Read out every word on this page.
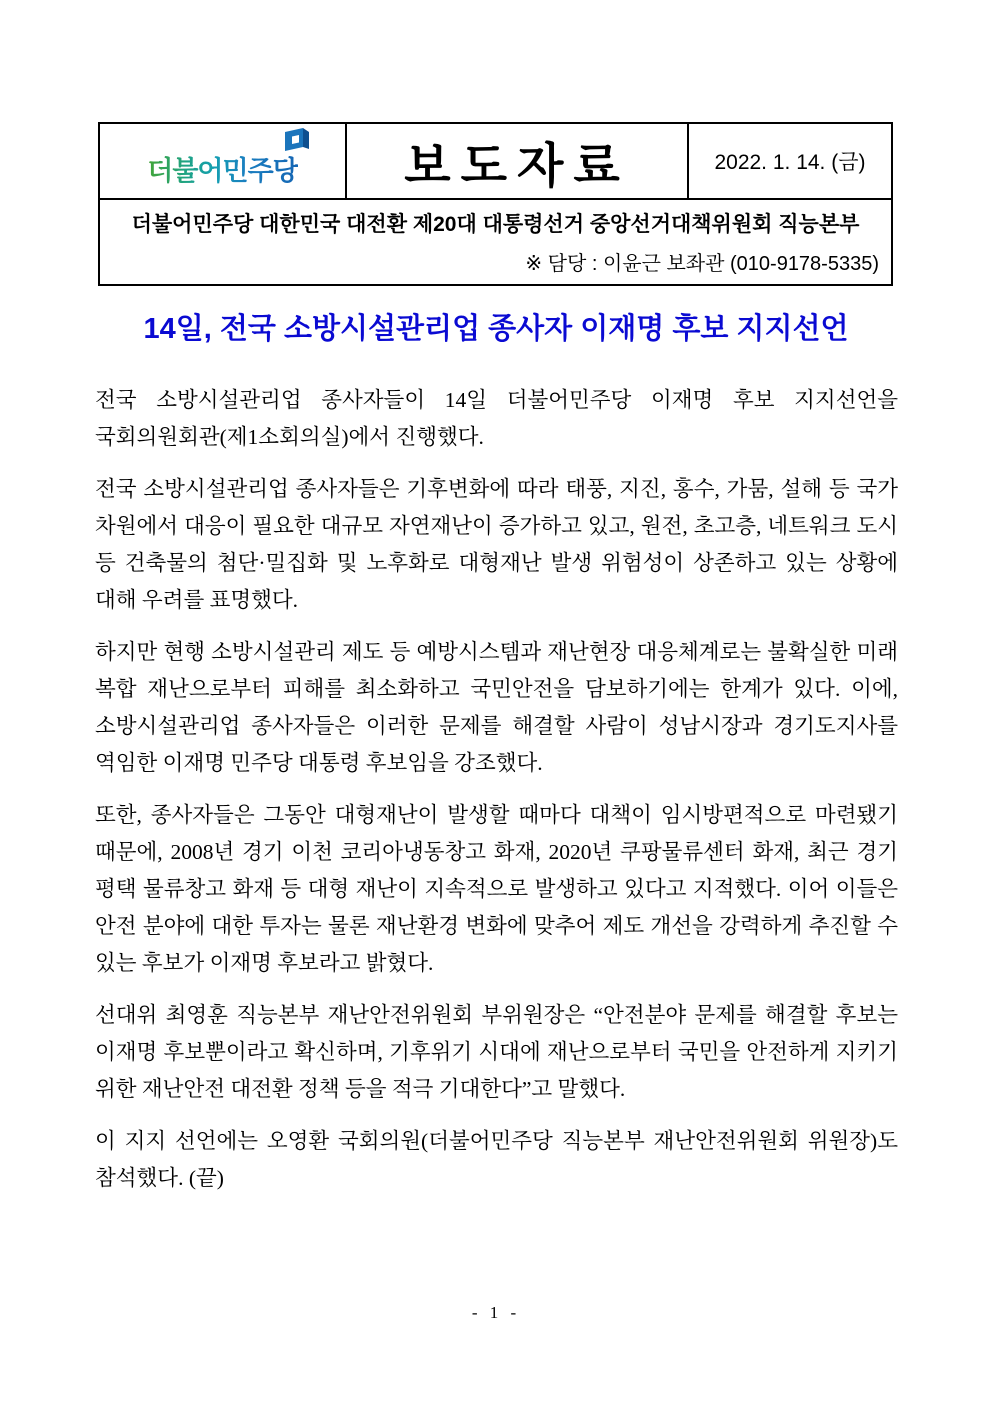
더불어민주당	보도자료	2022. 1. 14. (금)

더불어민주당 대한민국 대전환 제20대 대통령선거 중앙선거대책위원회 직능본부
※ 담당 : 이윤근 보좌관 (010-9178-5335)
14일, 전국 소방시설관리업 종사자 이재명 후보 지지선언

전국 소방시설관리업 종사자들이 14일 더불어민주당 이재명 후보 지지선언을 국회의원회관(제1소회의실)에서 진행했다.

전국 소방시설관리업 종사자들은 기후변화에 따라 태풍, 지진, 홍수, 가뭄, 설해 등 국가 차원에서 대응이 필요한 대규모 자연재난이 증가하고 있고, 원전, 초고층, 네트워크 도시 등 건축물의 첨단·밀집화 및 노후화로 대형재난 발생 위험성이 상존하고 있는 상황에 대해 우려를 표명했다.

하지만 현행 소방시설관리 제도 등 예방시스템과 재난현장 대응체계로는 불확실한 미래 복합 재난으로부터 피해를 최소화하고 국민안전을 담보하기에는 한계가 있다. 이에, 소방시설관리업 종사자들은 이러한 문제를 해결할 사람이 성남시장과 경기도지사를 역임한 이재명 민주당 대통령 후보임을 강조했다.

또한, 종사자들은 그동안 대형재난이 발생할 때마다 대책이 임시방편적으로 마련됐기 때문에, 2008년 경기 이천 코리아냉동창고 화재, 2020년 쿠팡물류센터 화재, 최근 경기 평택 물류창고 화재 등 대형 재난이 지속적으로 발생하고 있다고 지적했다. 이어 이들은 안전 분야에 대한 투자는 물론 재난환경 변화에 맞추어 제도 개선을 강력하게 추진할 수 있는 후보가 이재명 후보라고 밝혔다.

선대위 최영훈 직능본부 재난안전위원회 부위원장은 “안전분야 문제를 해결할 후보는 이재명 후보뿐이라고 확신하며, 기후위기 시대에 재난으로부터 국민을 안전하게 지키기 위한 재난안전 대전환 정책 등을 적극 기대한다”고 말했다.

이 지지 선언에는 오영환 국회의원(더불어민주당 직능본부 재난안전위원회 위원장)도 참석했다. (끝)

- 1 -
